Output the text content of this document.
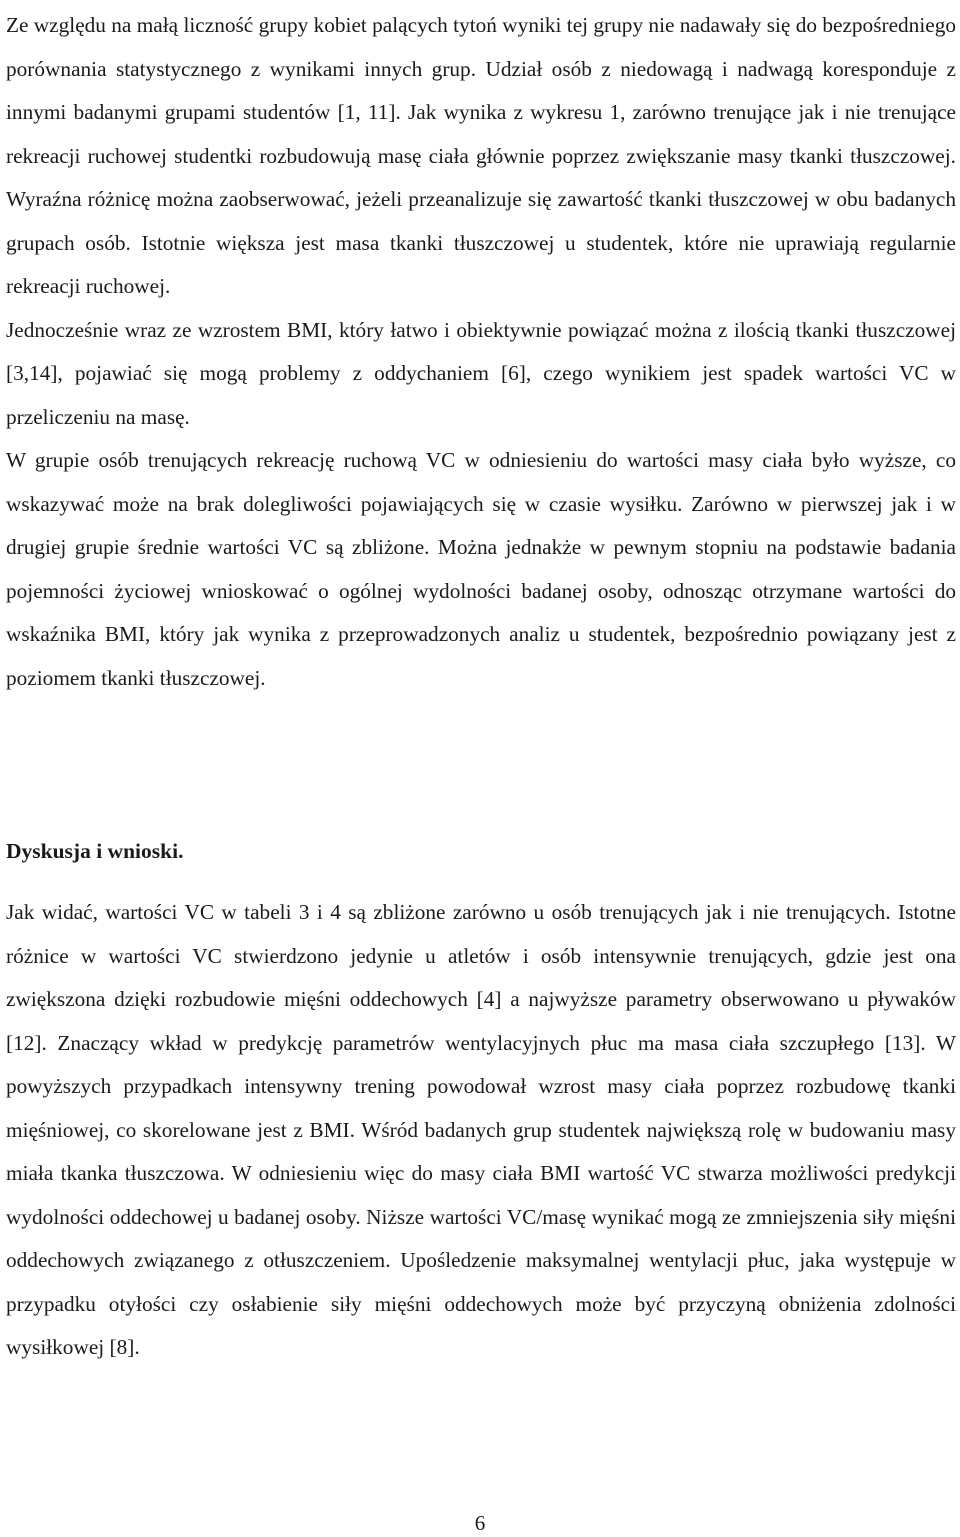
Ze względu na małą liczność grupy kobiet palących tytoń wyniki tej grupy nie nadawały się do bezpośredniego porównania statystycznego z wynikami innych grup. Udział osób z niedowagą i nadwagą koresponduje z innymi badanymi grupami studentów [1, 11]. Jak wynika z wykresu 1, zarówno trenujące jak i nie trenujące rekreacji ruchowej studentki rozbudowują masę ciała głównie poprzez zwiększanie masy tkanki tłuszczowej. Wyraźna różnicę można zaobserwować, jeżeli przeanalizuje się zawartość tkanki tłuszczowej w obu badanych grupach osób. Istotnie większa jest masa tkanki tłuszczowej u studentek, które nie uprawiają regularnie rekreacji ruchowej.

Jednocześnie wraz ze wzrostem BMI, który łatwo i obiektywnie powiązać można z ilością tkanki tłuszczowej [3,14], pojawiać się mogą problemy z oddychaniem [6], czego wynikiem jest spadek wartości VC w przeliczeniu na masę.

W grupie osób trenujących rekreację ruchową VC w odniesieniu do wartości masy ciała było wyższe, co wskazywać może na brak dolegliwości pojawiających się w czasie wysiłku. Zarówno w pierwszej jak i w drugiej grupie średnie wartości VC są zbliżone. Można jednakże w pewnym stopniu na podstawie badania pojemności życiowej wnioskować o ogólnej wydolności badanej osoby, odnosząc otrzymane wartości do wskaźnika BMI, który jak wynika z przeprowadzonych analiz u studentek, bezpośrednio powiązany jest z poziomem tkanki tłuszczowej.

Dyskusja i wnioski.

Jak widać, wartości VC w tabeli 3 i 4 są zbliżone zarówno u osób trenujących jak i nie trenujących. Istotne różnice w wartości VC stwierdzono jedynie u atletów i osób intensywnie trenujących, gdzie jest ona zwiększona dzięki rozbudowie mięśni oddechowych [4] a najwyższe parametry obserwowano u pływaków [12]. Znaczący wkład w predykcję parametrów wentylacyjnych płuc ma masa ciała szczupłego [13]. W powyższych przypadkach intensywny trening powodował wzrost masy ciała poprzez rozbudowę tkanki mięśniowej, co skorelowane jest z BMI. Wśród badanych grup studentek największą rolę w budowaniu masy miała tkanka tłuszczowa. W odniesieniu więc do masy ciała BMI wartość VC stwarza możliwości predykcji wydolności oddechowej u badanej osoby. Niższe wartości VC/masę wynikać mogą ze zmniejszenia siły mięśni oddechowych związanego z otłuszczeniem. Upośledzenie maksymalnej wentylacji płuc, jaka występuje w przypadku otyłości czy osłabienie siły mięśni oddechowych może być przyczyną obniżenia zdolności wysiłkowej [8].

6
